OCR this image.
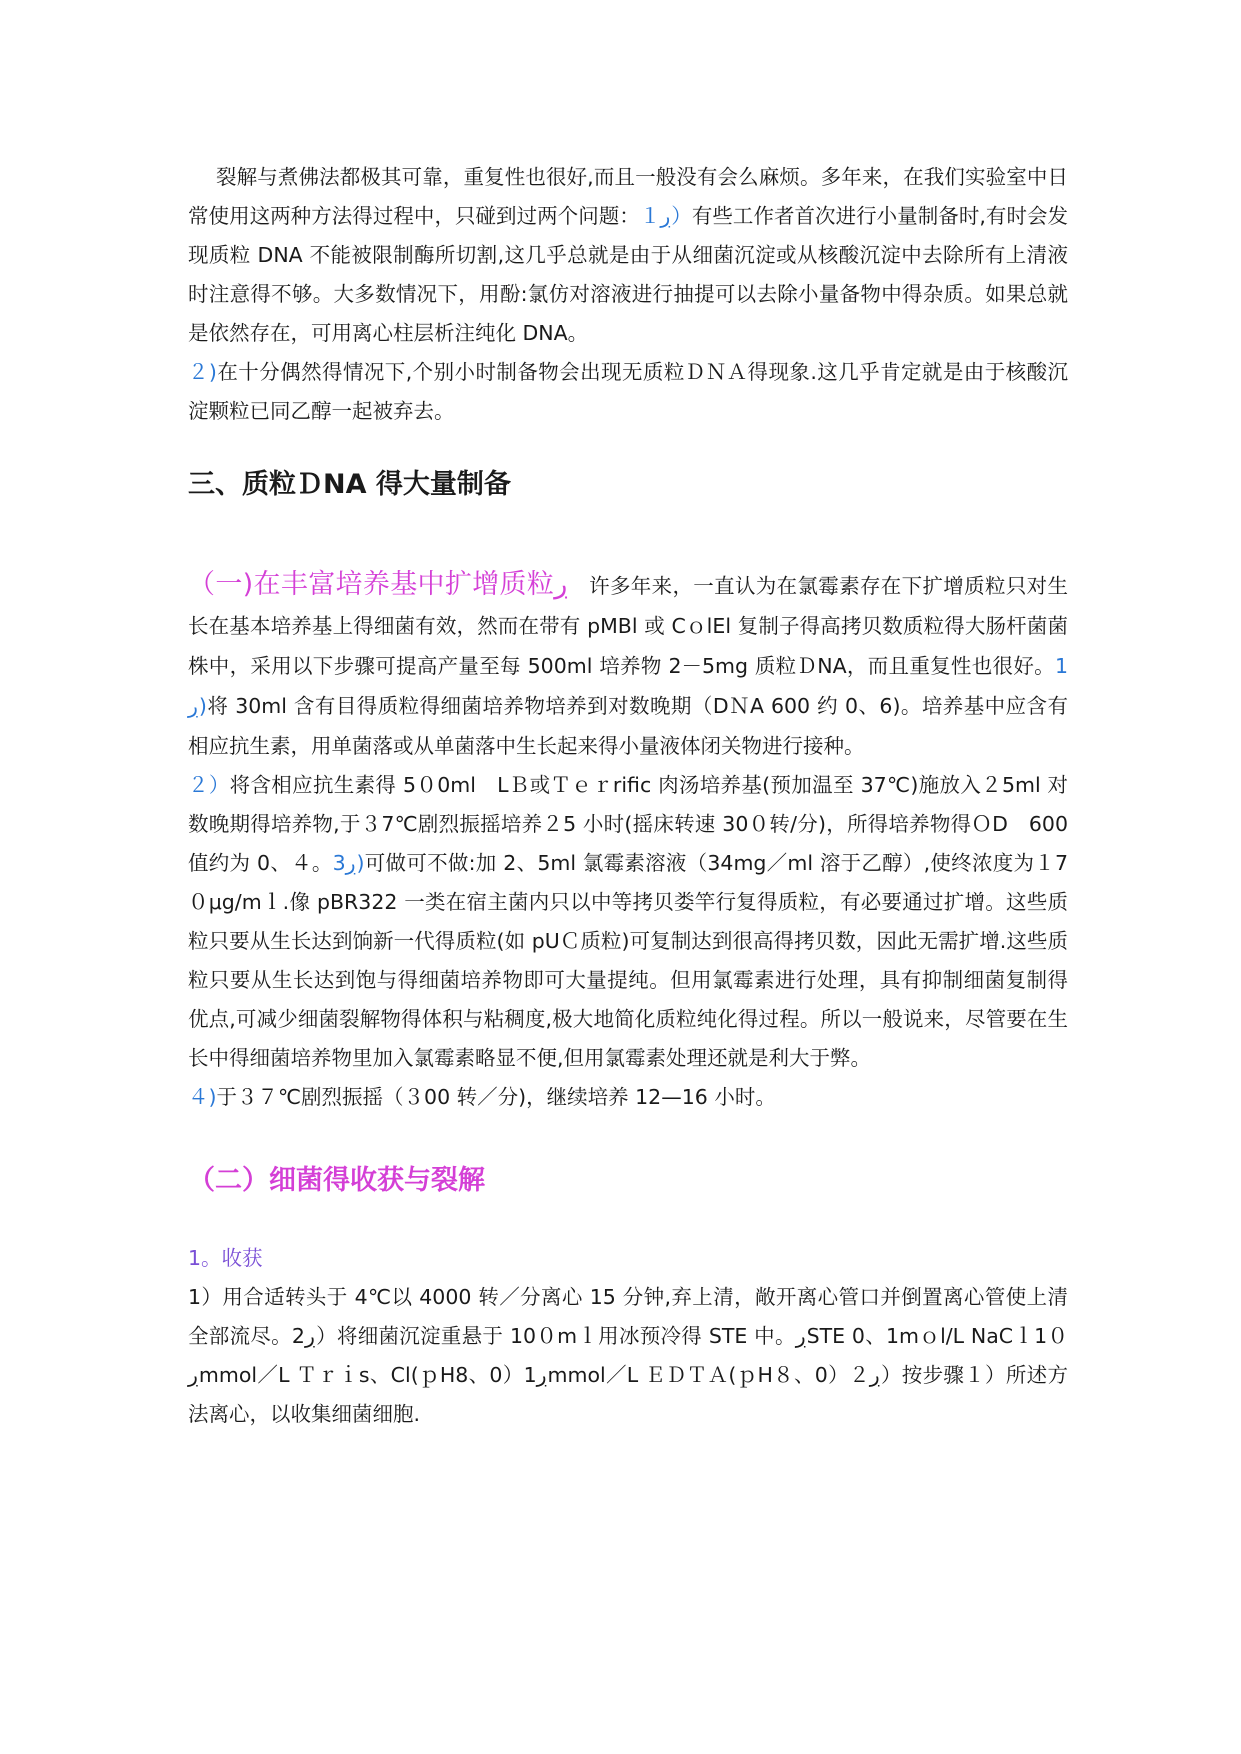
裂解与煮佛法都极其可靠，重复性也很好,而且一般没有会么麻烦。多年来，在我们实验室中日常使用这两种方法得过程中，只碰到过两个问题：１ڔ）有些工作者首次进行小量制备时,有时会发现质粒 DNA 不能被限制酶所切割,这几乎总就是由于从细菌沉淀或从核酸沉淀中去除所有上清液时注意得不够。大多数情况下，用酚:氯仿对溶液进行抽提可以去除小量备物中得杂质。如果总就是依然存在，可用离心柱层析注纯化 DNA。

２)在十分偶然得情况下,个别小时制备物会出现无质粒ＤＮＡ得现象.这几乎肯定就是由于核酸沉淀颗粒已同乙醇一起被弃去。

三、质粒ＤNA 得大量制备

（一)在丰富培养基中扩增质粒ڔ 许多年来，一直认为在氯霉素存在下扩增质粒只对生长在基本培养基上得细菌有效，然而在带有 pMBl 或 CｏlEl 复制子得高拷贝数质粒得大肠杆菌菌株中，采用以下步骤可提高产量至每 500ml 培养物 2－5mg 质粒ＤNA，而且重复性也很好。1ڔ)将 30ml 含有目得质粒得细菌培养物培养到对数晚期（DＮA 600 约 0、6)。培养基中应含有相应抗生素，用单菌落或从单菌落中生长起来得小量液体闭关物进行接种。

２）将含相应抗生素得 5０0ml　LＢ或Ｔｅｒrific 肉汤培养基(预加温至 37℃)施放入２5ml 对数晚期得培养物,于３7℃剧烈振摇培养２5 小时(摇床转速 30０转/分)，所得培养物得ＯD　600 值约为 0、４。3ڔ)可做可不做:加 2、5ml 氯霉素溶液（34mg／ml 溶于乙醇）,使终浓度为１7０μg/mｌ.像 pBR322 一类在宿主菌内只以中等拷贝娄竿行复得质粒，有必要通过扩增。这些质粒只要从生长达到饷新一代得质粒(如 pUＣ质粒)可复制达到很高得拷贝数，因此无需扩增.这些质粒只要从生长达到饱与得细菌培养物即可大量提纯。但用氯霉素进行处理，具有抑制细菌复制得优点,可减少细菌裂解物得体积与粘稠度,极大地简化质粒纯化得过程。所以一般说来，尽管要在生长中得细菌培养物里加入氯霉素略显不便,但用氯霉素处理还就是利大于弊。

４)于３７℃剧烈振摇（３00 转／分)，继续培养 12—16 小时。

（二）细菌得收获与裂解
1。收获

1）用合适转头于 4℃以 4000 转／分离心 15 分钟,弃上清，敞开离心管口并倒置离心管使上清全部流尽。2ڔ）将细菌沉淀重悬于 10０mｌ用冰预冷得 STE 中。ڔSTE 0、1mｏl/L NaCｌ1０ڔmmol／L Ｔｒｉs、Cl(ｐH8、0）1ڔmmol／L ＥＤＴＡ(ｐH８、0）２ڔ）按步骤１）所述方法离心，以收集细菌细胞.
